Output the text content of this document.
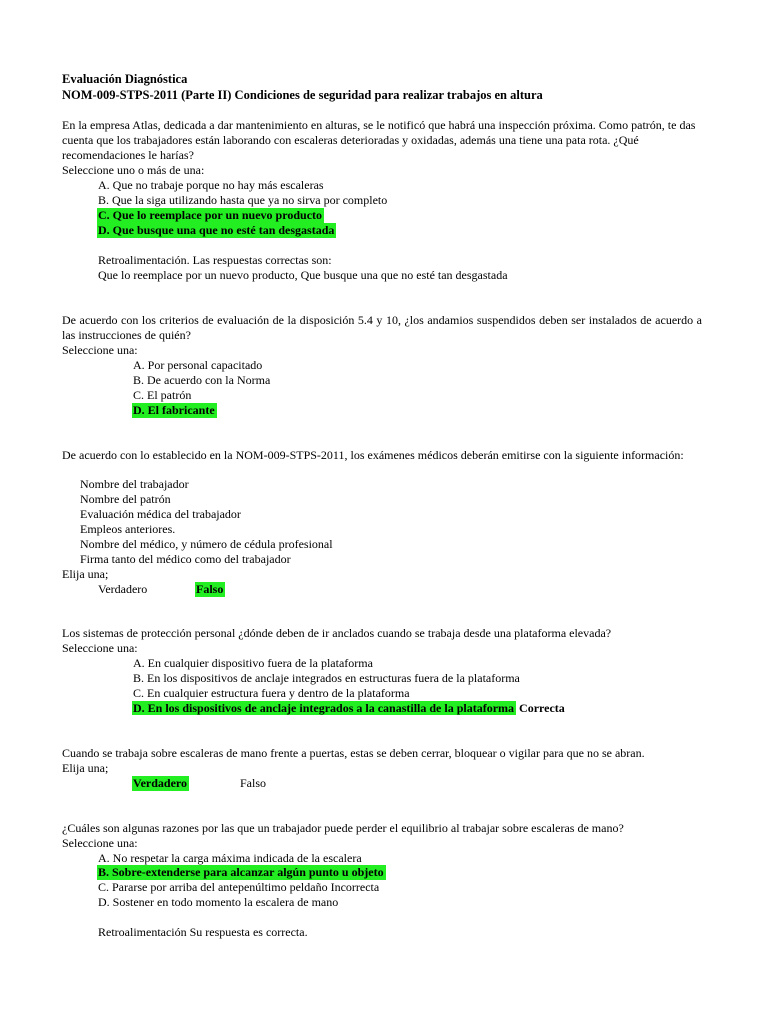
Evaluación Diagnóstica
NOM-009-STPS-2011 (Parte II) Condiciones de seguridad para realizar trabajos en altura
En la empresa Atlas, dedicada a dar mantenimiento en alturas, se le notificó que habrá una inspección próxima. Como patrón, te das cuenta que los trabajadores están laborando con escaleras deterioradas y oxidadas, además una tiene una pata rota. ¿Qué recomendaciones le harías?
Seleccione uno o más de una:
A. Que no trabaje porque no hay más escaleras
B. Que la siga utilizando hasta que ya no sirva por completo
C. Que lo reemplace por un nuevo producto
D. Que busque una que no esté tan desgastada
Retroalimentación. Las respuestas correctas son:
Que lo reemplace por un nuevo producto, Que busque una que no esté tan desgastada
De acuerdo con los criterios de evaluación de la disposición 5.4 y 10, ¿los andamios suspendidos deben ser instalados de acuerdo a las instrucciones de quién?
Seleccione una:
A. Por personal capacitado
B. De acuerdo con la Norma
C. El patrón
D. El fabricante
De acuerdo con lo establecido en la NOM-009-STPS-2011, los exámenes médicos deberán emitirse con la siguiente información:
Nombre del trabajador
Nombre del patrón
Evaluación médica del trabajador
Empleos anteriores.
Nombre del médico, y número de cédula profesional
Firma tanto del médico como del trabajador
Elija una;
Verdadero	Falso
Los sistemas de protección personal ¿dónde deben de ir anclados cuando se trabaja desde una plataforma elevada?
Seleccione una:
A. En cualquier dispositivo fuera de la plataforma
B. En los dispositivos de anclaje integrados en estructuras fuera de la plataforma
C. En cualquier estructura fuera y dentro de la plataforma
D. En los dispositivos de anclaje integrados a la canastilla de la plataforma Correcta
Cuando se trabaja sobre escaleras de mano frente a puertas, estas se deben cerrar, bloquear o vigilar para que no se abran.
Elija una;
Verdadero	Falso
¿Cuáles son algunas razones por las que un trabajador puede perder el equilibrio al trabajar sobre escaleras de mano?
Seleccione una:
A. No respetar la carga máxima indicada de la escalera
B. Sobre-extenderse para alcanzar algún punto u objeto
C. Pararse por arriba del antepenúltimo peldaño Incorrecta
D. Sostener en todo momento la escalera de mano
Retroalimentación Su respuesta es correcta.
